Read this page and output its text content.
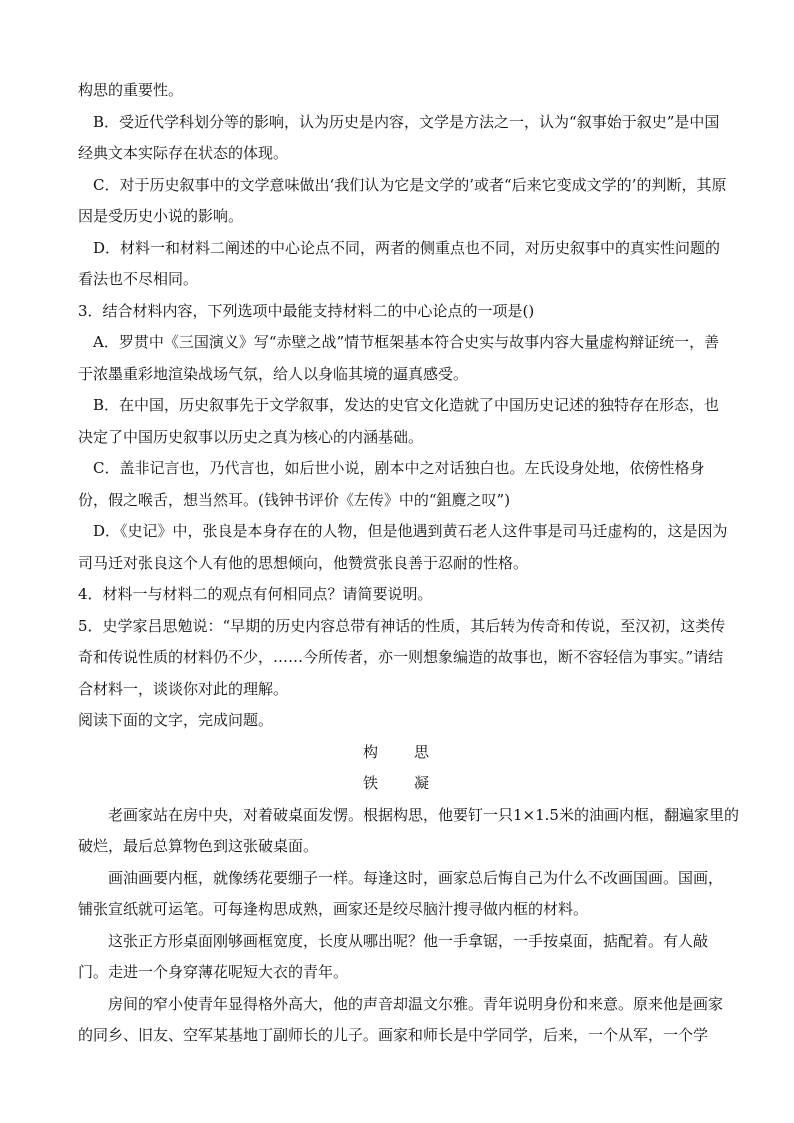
构思的重要性。
B．受近代学科划分等的影响，认为历史是内容，文学是方法之一，认为“叙事始于叙史”是中国
经典文本实际存在状态的体现。
C．对于历史叙事中的文学意味做出‘我们认为它是文学的’或者“后来它变成文学的’的判断，其原
因是受历史小说的影响。
D．材料一和材料二阐述的中心论点不同，两者的侧重点也不同，对历史叙事中的真实性问题的
看法也不尽相同。
3．结合材料内容，下列选项中最能支持材料二的中心论点的一项是()
A．罗贯中《三国演义》写“赤壁之战”情节框架基本符合史实与故事内容大量虚构辩证统一，善
于浓墨重彩地渲染战场气氛，给人以身临其境的逼真感受。
B．在中国，历史叙事先于文学叙事，发达的史官文化造就了中国历史记述的独特存在形态，也
决定了中国历史叙事以历史之真为核心的内涵基础。
C．盖非记言也，乃代言也，如后世小说，剧本中之对话独白也。左氏设身处地，依傍性格身
份，假之喉舌，想当然耳。(钱钟书评价《左传》中的“鉏麑之叹”)
D．《史记》中，张良是本身存在的人物，但是他遇到黄石老人这件事是司马迁虚构的，这是因为
司马迁对张良这个人有他的思想倾向，他赞赏张良善于忍耐的性格。
4．材料一与材料二的观点有何相同点？请简要说明。
5．史学家吕思勉说：“早期的历史内容总带有神话的性质，其后转为传奇和传说，至汉初，这类传
奇和传说性质的材料仍不少，……今所传者，亦一则想象编造的故事也，断不容轻信为事实。”请结
合材料一，谈谈你对此的理解。
阅读下面的文字，完成问题。
构　　思
铁　　凝
老画家站在房中央，对着破桌面发愣。根据构思，他要钉一只1×1.5米的油画内框，翻遍家里的
破烂，最后总算物色到这张破桌面。
画油画要内框，就像绣花要绷子一样。每逢这时，画家总后悔自己为什么不改画国画。国画，
铺张宣纸就可运笔。可每逢构思成熟，画家还是绞尽脑汁搜寻做内框的材料。
这张正方形桌面刚够画框宽度，长度从哪出呢？他一手拿锯，一手按桌面，掂配着。有人敲
门。走进一个身穿薄花呢短大衣的青年。
房间的窄小使青年显得格外高大，他的声音却温文尔雅。青年说明身份和来意。原来他是画家
的同乡、旧友、空军某基地丁副师长的儿子。画家和师长是中学同学，后来，一个从军，一个学
